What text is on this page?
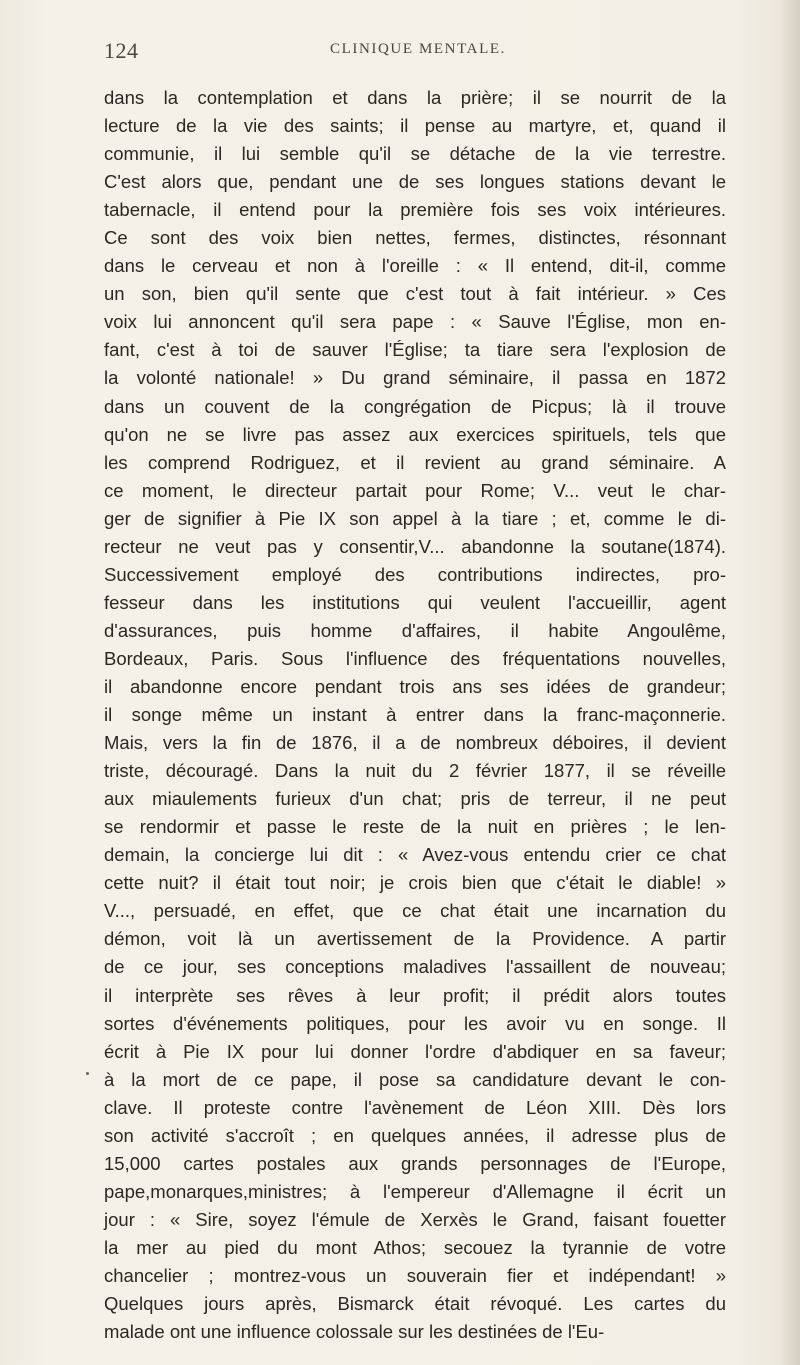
124	CLINIQUE MENTALE.
dans la contemplation et dans la prière; il se nourrit de la
lecture de la vie des saints; il pense au martyre, et, quand il
communie, il lui semble qu'il se détache de la vie terrestre.
C'est alors que, pendant une de ses longues stations devant le
tabernacle, il entend pour la première fois ses voix intérieures.
Ce sont des voix bien nettes, fermes, distinctes, résonnant
dans le cerveau et non à l'oreille : « Il entend, dit-il, comme
un son, bien qu'il sente que c'est tout à fait intérieur. » Ces
voix lui annoncent qu'il sera pape : « Sauve l'Église, mon en-
fant, c'est à toi de sauver l'Église; ta tiare sera l'explosion de
la volonté nationale! » Du grand séminaire, il passa en 1872
dans un couvent de la congrégation de Picpus; là il trouve
qu'on ne se livre pas assez aux exercices spirituels, tels que
les comprend Rodriguez, et il revient au grand séminaire. A
ce moment, le directeur partait pour Rome; V... veut le char-
ger de signifier à Pie IX son appel à la tiare ; et, comme le di-
recteur ne veut pas y consentir,V... abandonne la soutane(1874).
Successivement employé des contributions indirectes, pro-
fesseur dans les institutions qui veulent l'accueillir, agent
d'assurances, puis homme d'affaires, il habite Angoulême,
Bordeaux, Paris. Sous l'influence des fréquentations nouvelles,
il abandonne encore pendant trois ans ses idées de grandeur;
il songe même un instant à entrer dans la franc-maçonnerie.
Mais, vers la fin de 1876, il a de nombreux déboires, il devient
triste, découragé. Dans la nuit du 2 février 1877, il se réveille
aux miaulements furieux d'un chat; pris de terreur, il ne peut
se rendormir et passe le reste de la nuit en prières ; le len-
demain, la concierge lui dit : « Avez-vous entendu crier ce chat
cette nuit? il était tout noir; je crois bien que c'était le diable! »
V..., persuadé, en effet, que ce chat était une incarnation du
démon, voit là un avertissement de la Providence. A partir
de ce jour, ses conceptions maladives l'assaillent de nouveau;
il interprète ses rêves à leur profit; il prédit alors toutes
sortes d'événements politiques, pour les avoir vu en songe. Il
écrit à Pie IX pour lui donner l'ordre d'abdiquer en sa faveur;
à la mort de ce pape, il pose sa candidature devant le con-
clave. Il proteste contre l'avènement de Léon XIII. Dès lors
son activité s'accroît ; en quelques années, il adresse plus de
15,000 cartes postales aux grands personnages de l'Europe,
pape,monarques,ministres; à l'empereur d'Allemagne il écrit un
jour : « Sire, soyez l'émule de Xerxès le Grand, faisant fouetter
la mer au pied du mont Athos; secouez la tyrannie de votre
chancelier ; montrez-vous un souverain fier et indépendant! »
Quelques jours après, Bismarck était révoqué. Les cartes du
malade ont une influence colossale sur les destinées de l'Eu-
